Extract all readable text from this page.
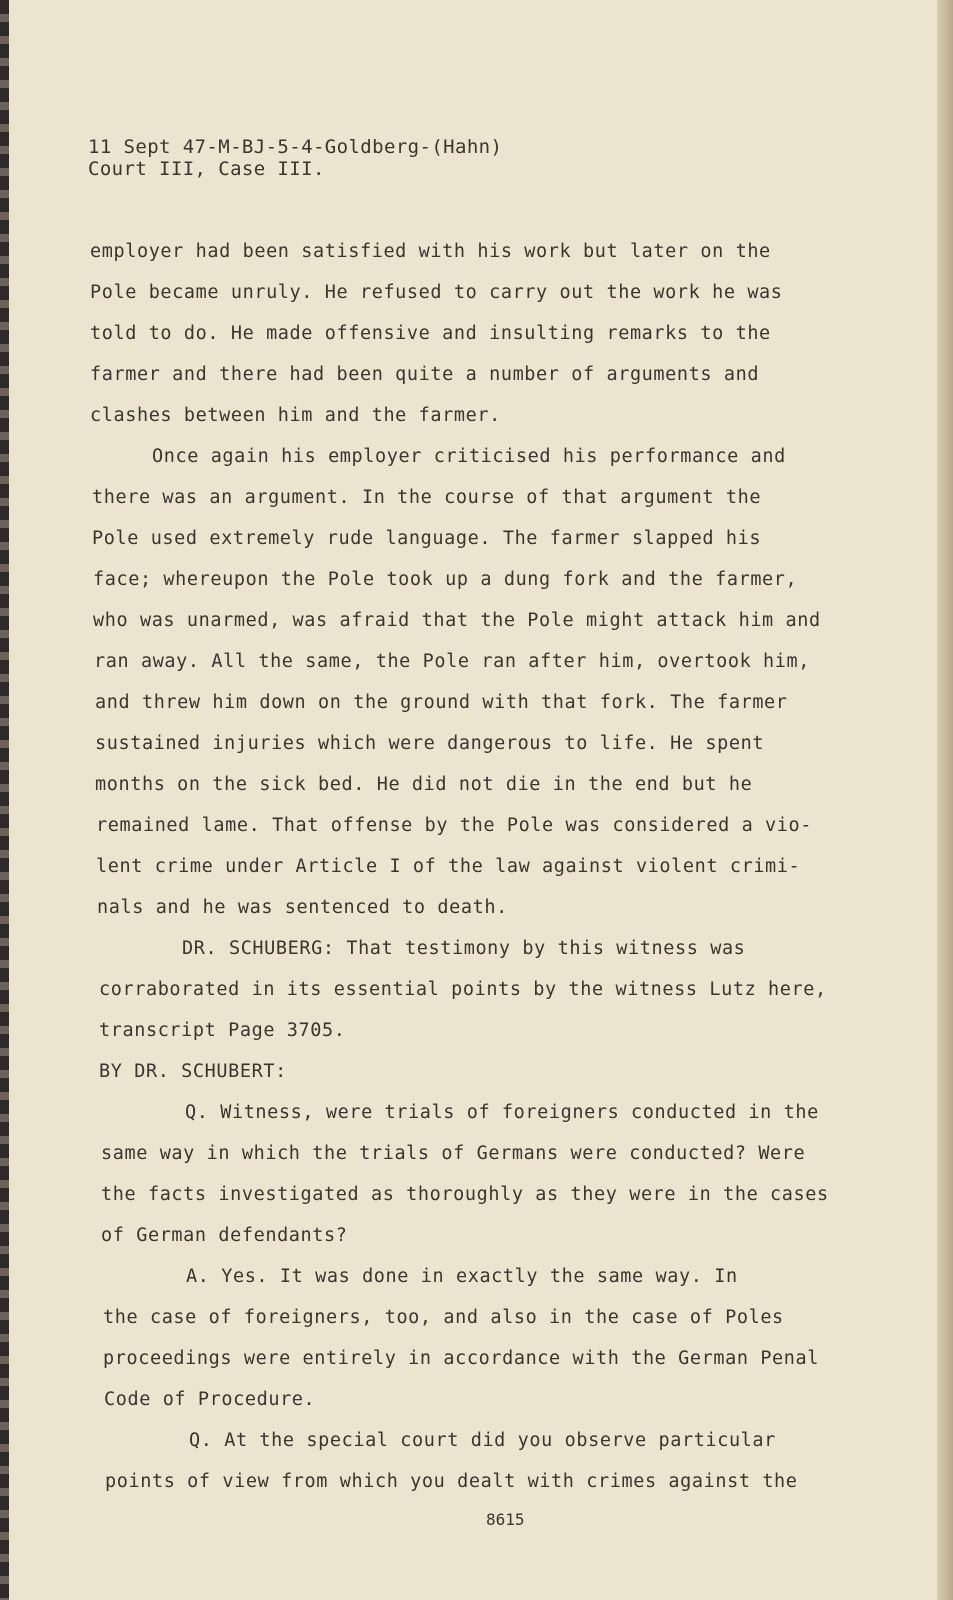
11 Sept 47-M-BJ-5-4-Goldberg-(Hahn)
Court III, Case III.
employer had been satisfied with his work but later on the
Pole became unruly. He refused to carry out the work he was
told to do. He made offensive and insulting remarks to the
farmer and there had been quite a number of arguments and
clashes between him and the farmer.
Once again his employer criticised his performance and
there was an argument. In the course of that argument the
Pole used extremely rude language. The farmer slapped his
face; whereupon the Pole took up a dung fork and the farmer,
who was unarmed, was afraid that the Pole might attack him and
ran away. All the same, the Pole ran after him, overtook him,
and threw him down on the ground with that fork. The farmer
sustained injuries which were dangerous to life. He spent
months on the sick bed. He did not die in the end but he
remained lame. That offense by the Pole was considered a vio-
lent crime under Article I of the law against violent crimi-
nals and he was sentenced to death.
DR. SCHUBERG: That testimony by this witness was
corraborated in its essential points by the witness Lutz here,
transcript Page 3705.
BY DR. SCHUBERT:
Q. Witness, were trials of foreigners conducted in the
same way in which the trials of Germans were conducted? Were
the facts investigated as thoroughly as they were in the cases
of German defendants?
A. Yes. It was done in exactly the same way. In
the case of foreigners, too, and also in the case of Poles
proceedings were entirely in accordance with the German Penal
Code of Procedure.
Q. At the special court did you observe particular
points of view from which you dealt with crimes against the
8615
